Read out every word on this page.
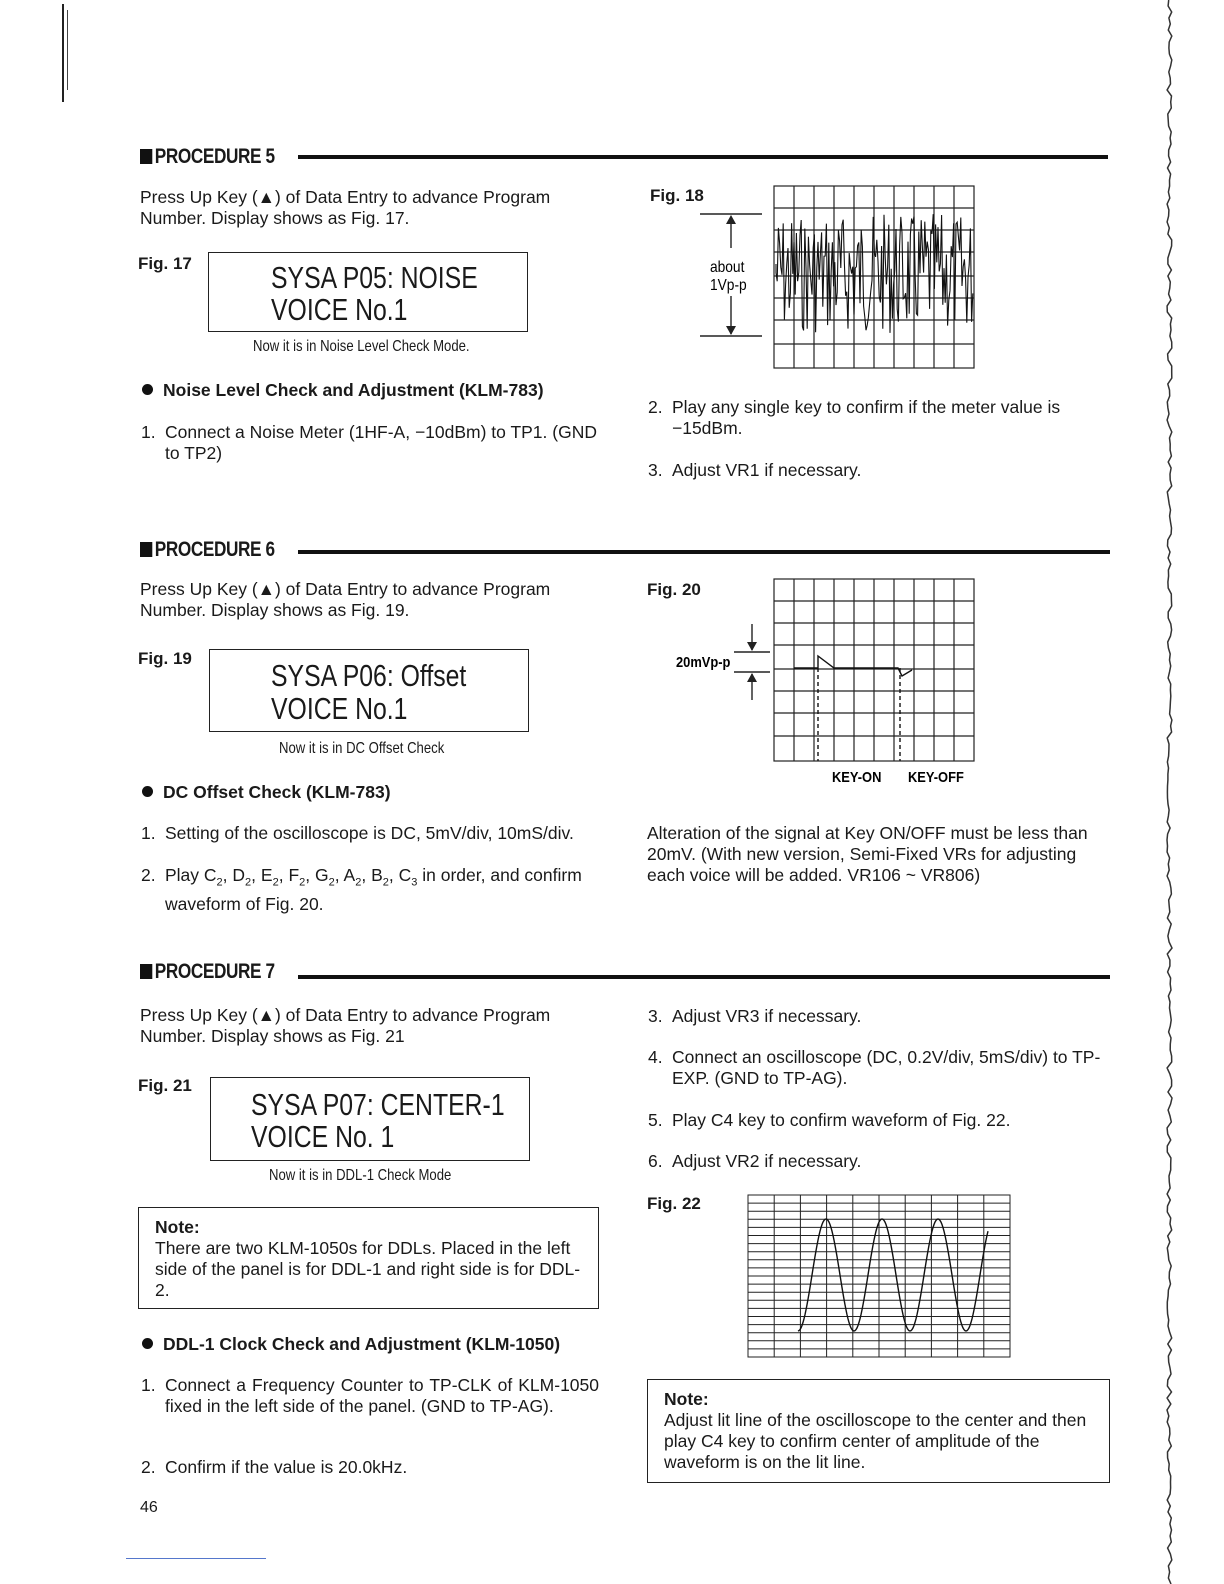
PROCEDURE 5
Press Up Key (▲) of Data Entry to advance Program Number. Display shows as Fig. 17.
Fig. 17	SYSA P05: NOISE
VOICE No.1
Now it is in Noise Level Check Mode.
Noise Level Check and Adjustment (KLM-783)
1. Connect a Noise Meter (1HF-A, −10dBm) to TP1. (GND to TP2)
Fig. 18
about
1Vp-p
2. Play any single key to confirm if the meter value is −15dBm.
3. Adjust VR1 if necessary.
PROCEDURE 6
Press Up Key (▲) of Data Entry to advance Program Number. Display shows as Fig. 19.
Fig. 19	SYSA P06: Offset
VOICE No.1
Now it is in DC Offset Check
DC Offset Check (KLM-783)
1. Setting of the oscilloscope is DC, 5mV/div, 10mS/div.
2. Play $C_2$, $D_2$, $E_2$, $F_2$, $G_2$, $A_2$, $B_2$, $C_3$ in order, and confirm waveform of Fig. 20.
Fig. 20
20mVp-p
KEY-ON KEY-OFF
Alteration of the signal at Key ON/OFF must be less than 20mV. (With new version, Semi-Fixed VRs for adjusting each voice will be added. VR106 ~ VR806)
PROCEDURE 7
Press Up Key (▲) of Data Entry to advance Program Number. Display shows as Fig. 21
Fig. 21
SYSA P07: CENTER-1
VOICE No. 1
Now it is in DDL-1 Check Mode
Note:
There are two KLM-1050s for DDLs. Placed in the left side of the panel is for DDL-1 and right side is for DDL-2.
DDL-1 Clock Check and Adjustment (KLM-1050)
1. Connect a Frequency Counter to TP-CLK of KLM-1050 fixed in the left side of the panel. (GND to TP-AG).
2. Confirm if the value is 20.0kHz.
3. Adjust VR3 if necessary.
4. Connect an oscilloscope (DC, 0.2V/div, 5mS/div) to TP-EXP. (GND to TP-AG).
5. Play C4 key to confirm waveform of Fig. 22.
6. Adjust VR2 if necessary.
Fig. 22
Note:
Adjust lit line of the oscilloscope to the center and then play C4 key to confirm center of amplitude of the waveform is on the lit line.
46
